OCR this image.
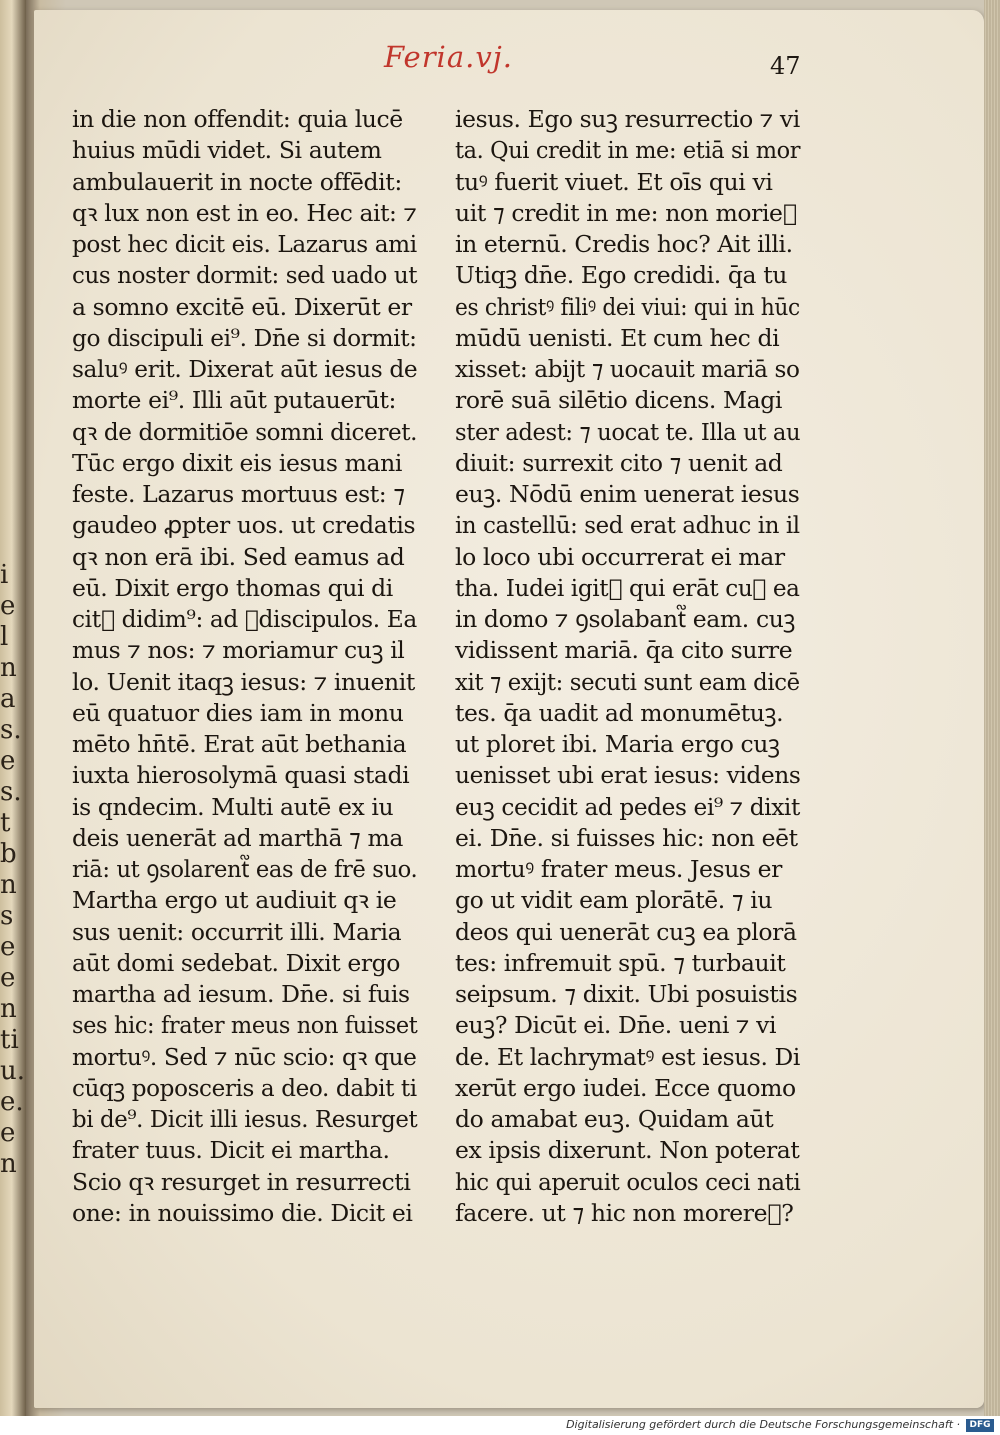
i
e
l
n
a
s.
e
s.
t
b
n
s
e
e
n
ti
u.
e.
e
n
Feria.vj.	47
in die non offendit: quia lucē
huius mūdi videt. Si autem
ambulauerit in nocte offēdit:
qꝛ lux non est in eo. Hec ait: ⁊
post hec dicit eis. Lazarus ami
cus noster dormit: sed uado ut
a somno excitē eū. Dixerūt er
go discipuli ei⁹. Dn̄e si dormit:
saluꝰ erit. Dixerat aūt iesus de
morte ei⁹. Illi aūt putauerūt:
qꝛ de dormitiōe somni diceret.
Tūc ergo dixit eis iesus mani
feste. Lazarus mortuus est: ⁊
gaudeo ꝓpter uos. ut credatis
qꝛ non erā ibi. Sed eamus ad
eū. Dixit ergo thomas qui di
cit᷑ didim⁹: ad ꝯdiscipulos. Ea
mus ⁊ nos: ⁊ moriamur cuꝫ il
lo. Uenit itaqꝫ iesus: ⁊ inuenit
eū quatuor dies iam in monu
mēto hn̄tē. Erat aūt bethania
iuxta hierosolymā quasi stadi
is qndecim. Multi autē ex iu
deis uenerāt ad marthā ⁊ ma
riā: ut ꝯsolarent᷑ eas de frē suo.
Martha ergo ut audiuit qꝛ ie
sus uenit: occurrit illi. Maria
aūt domi sedebat. Dixit ergo
martha ad iesum. Dn̄e. si fuis
ses hic: frater meus non fuisset
mortuꝰ. Sed ⁊ nūc scio: qꝛ que
cūqꝫ poposceris a deo. dabit ti
bi de⁹. Dicit illi iesus. Resurget
frater tuus. Dicit ei martha.
Scio qꝛ resurget in resurrecti
one: in nouissimo die. Dicit ei
iesus. Ego suꝫ resurrectio ⁊ vi
ta. Qui credit in me: etiā si mor
tuꝰ fuerit viuet. Et oīs qui vi
uit ⁊ credit in me: non morie᷑
in eternū. Credis hoc? Ait illi.
Utiqꝫ dn̄e. Ego credidi. q̄a tu
es christꝰ filiꝰ dei viui: qui in hūc
mūdū uenisti. Et cum hec di
xisset: abijt ⁊ uocauit mariā so
rorē suā silētio dicens. Magi
ster adest: ⁊ uocat te. Illa ut au
diuit: surrexit cito ⁊ uenit ad
euꝫ. Nōdū enim uenerat iesus
in castellū: sed erat adhuc in il
lo loco ubi occurrerat ei mar
tha. Iudei igit᷑ qui erāt cuꝫ ea
in domo ⁊ ꝯsolabant᷑ eam. cuꝫ
vidissent mariā. q̄a cito surre
xit ⁊ exijt: secuti sunt eam dicē
tes. q̄a uadit ad monumētuꝫ.
ut ploret ibi. Maria ergo cuꝫ
uenisset ubi erat iesus: videns
euꝫ cecidit ad pedes ei⁹ ⁊ dixit
ei. Dn̄e. si fuisses hic: non eēt
mortuꝰ frater meus. Jesus er
go ut vidit eam plorātē. ⁊ iu
deos qui uenerāt cuꝫ ea plorā
tes: infremuit spū. ⁊ turbauit
seipsum. ⁊ dixit. Ubi posuistis
euꝫ? Dicūt ei. Dn̄e. ueni ⁊ vi
de. Et lachrymatꝰ est iesus. Di
xerūt ergo iudei. Ecce quomo
do amabat euꝫ. Quidam aūt
ex ipsis dixerunt. Non poterat
hic qui aperuit oculos ceci nati
facere. ut ⁊ hic non morere᷑?
Digitalisierung gefördert durch die Deutsche Forschungsgemeinschaft ·	DFG
